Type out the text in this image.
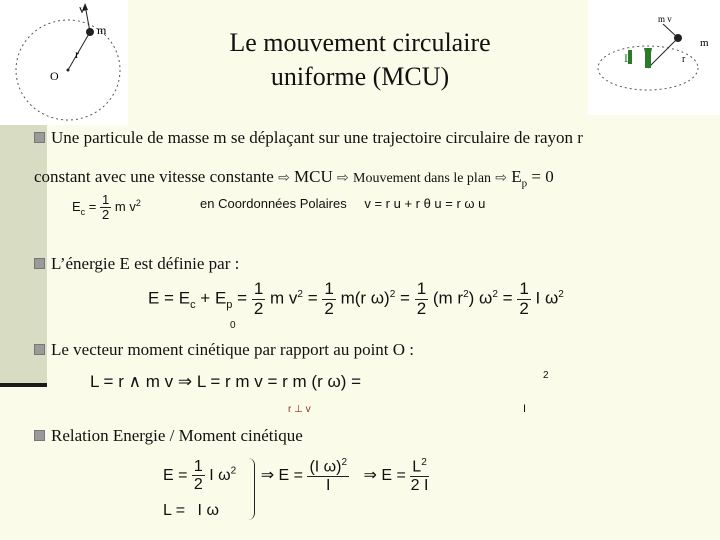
v
m
r
O
m v
m
L	r
Le mouvement circulaire
uniforme (MCU)
Une particule de masse m se déplaçant sur une trajectoire circulaire de rayon r
constant avec une vitesse constante ⇨ MCU ⇨ Mouvement dans le plan ⇨ $E_p = 0$
$E_c = \frac{1}{2}$ m $v^2$	en Coordonnées Polaires v = r u + r θ u = r ω u
L’énergie E est définie par :
$E = E_c + E_p = \frac{1}{2}$ m $v^2 = \frac{1}{2} m(r$ $\omega)^2 = \frac{1}{2} (m$ $r^2$) $\omega^2 = \frac{1}{2}$ I $\omega^2$
0
Le vecteur moment cinétique par rapport au point O :
L = r ∧ m v ⇒ L = r m v = r m (r ω) =
r ⊥ v
2
I
Relation Energie / Moment cinétique
$E = \frac{1}{2}$ I $\omega^2$ ⇒ $E = \frac{(I \omega)^2}{I}$ ⇒ $E = \frac{L^2}{2 I}$
L = I ω
